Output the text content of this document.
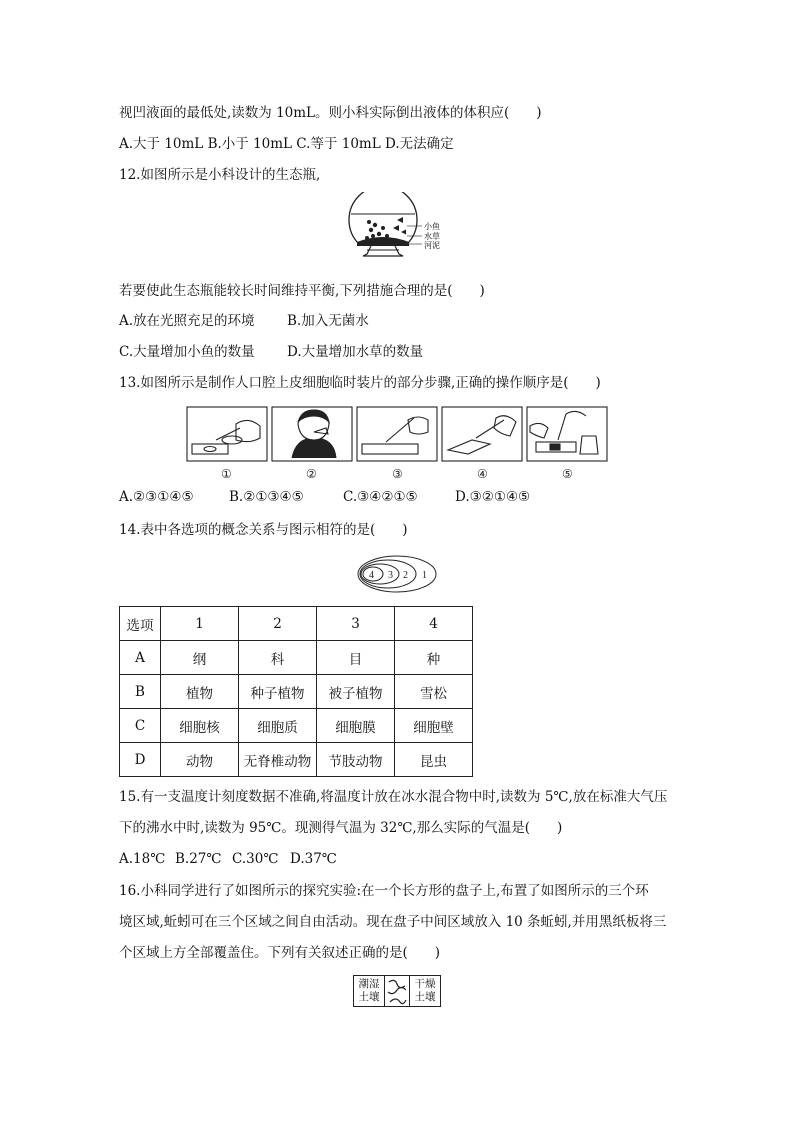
视凹液面的最低处,读数为 10mL。则小科实际倒出液体的体积应(　　)
A.大于 10mL B.小于 10mL C.等于 10mL D.无法确定
12.如图所示是小科设计的生态瓶,
小鱼
水草
河泥
若要使此生态瓶能较长时间维持平衡,下列措施合理的是(　　)
A.放在光照充足的环境 B.加入无菌水
C.大量增加小鱼的数量 D.大量增加水草的数量
13.如图所示是制作人口腔上皮细胞临时装片的部分步骤,正确的操作顺序是(　　)
①	②	③	④	⑤
A.②③①④⑤	B.②①③④⑤	C.③④②①⑤	D.③②①④⑤
14.表中各选项的概念关系与图示相符的是(　　)
4 3 2 1
选项	1	2	3	4
A	纲	科	目	种
B	植物	种子植物	被子植物	雪松
C	细胞核	细胞质	细胞膜	细胞壁
D	动物	无脊椎动物	节肢动物	昆虫
15.有一支温度计刻度数据不准确,将温度计放在冰水混合物中时,读数为 5℃,放在标准大气压
下的沸水中时,读数为 95℃。现测得气温为 32℃,那么实际的气温是(　　)
A.18℃ B.27℃ C.30℃ D.37℃
16.小科同学进行了如图所示的探究实验:在一个长方形的盘子上,布置了如图所示的三个环
境区域,蚯蚓可在三个区域之间自由活动。现在盘子中间区域放入 10 条蚯蚓,并用黑纸板将三
个区域上方全部覆盖住。下列有关叙述正确的是(　　)
潮湿土壤
干燥土壤
